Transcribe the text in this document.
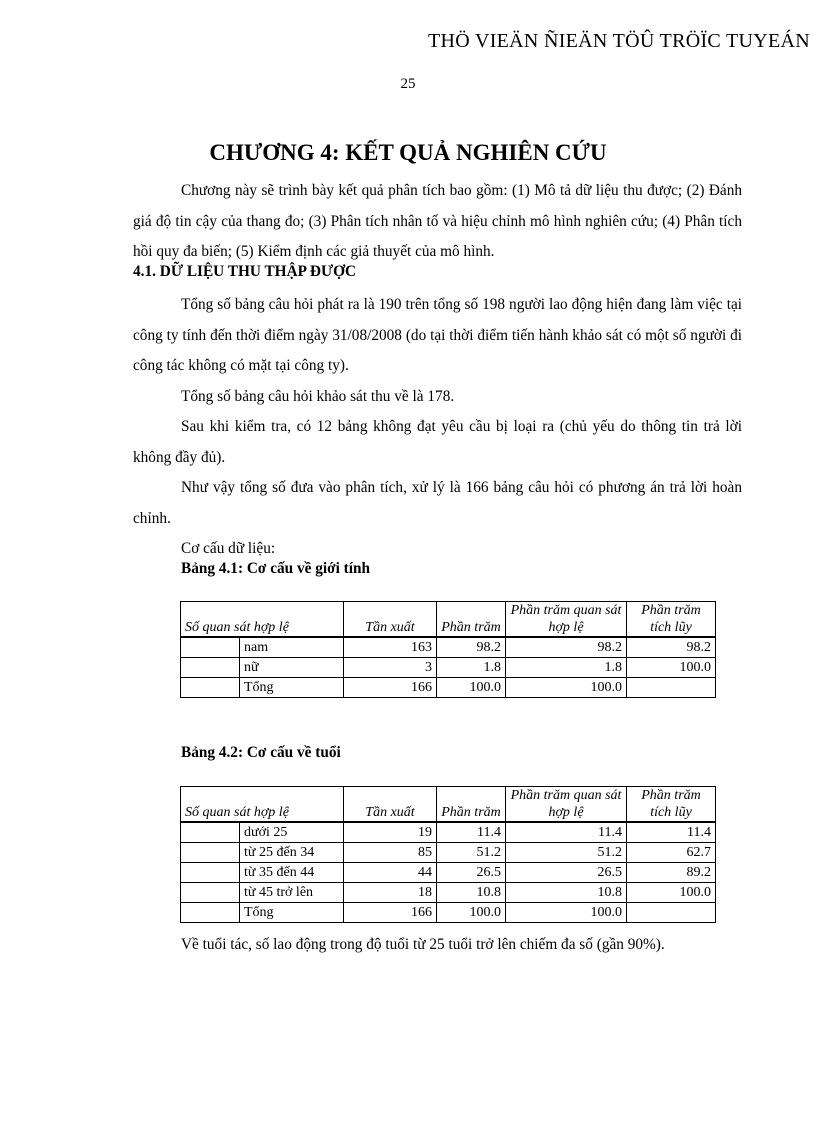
THÖ VIEÄN ÑIEÄN TÖÛ TRÖÏC TUYEÁN
25
CHƯƠNG 4: KẾT QUẢ NGHIÊN CỨU

Chương này sẽ trình bày kết quả phân tích bao gồm: (1) Mô tả dữ liệu thu được; (2) Đánh giá độ tin cậy của thang đo; (3) Phân tích nhân tố và hiệu chỉnh mô hình nghiên cứu; (4) Phân tích hồi quy đa biến; (5) Kiểm định các giả thuyết của mô hình.

4.1. DỮ LIỆU THU THẬP ĐƯỢC

Tổng số bảng câu hỏi phát ra là 190 trên tổng số 198 người lao động hiện đang làm việc tại công ty tính đến thời điểm ngày 31/08/2008 (do tại thời điểm tiến hành khảo sát có một số người đi công tác không có mặt tại công ty).

Tổng số bảng câu hỏi khảo sát thu về là 178.

Sau khi kiểm tra, có 12 bảng không đạt yêu cầu bị loại ra (chủ yếu do thông tin trả lời không đầy đủ).

Như vậy tổng số đưa vào phân tích, xử lý là 166 bảng câu hỏi có phương án trả lời hoàn chỉnh.

Cơ cấu dữ liệu:

Bảng 4.1: Cơ cấu về giới tính
Số quan sát hợp lệ		Tần xuất	Phần trăm	Phần trăm quan sát hợp lệ	Phần trăm tích lũy
	nam	163	98.2	98.2	98.2
	nữ	3	1.8	1.8	100.0
	Tổng	166	100.0	100.0	
Bảng 4.2: Cơ cấu về tuổi
Số quan sát hợp lệ		Tần xuất	Phần trăm	Phần trăm quan sát hợp lệ	Phần trăm tích lũy
	dưới 25	19	11.4	11.4	11.4
	từ 25 đến 34	85	51.2	51.2	62.7
	từ 35 đến 44	44	26.5	26.5	89.2
	từ 45 trở lên	18	10.8	10.8	100.0
	Tổng	166	100.0	100.0	
Về tuổi tác, số lao động trong độ tuổi từ 25 tuổi trở lên chiếm đa số (gần 90%).
